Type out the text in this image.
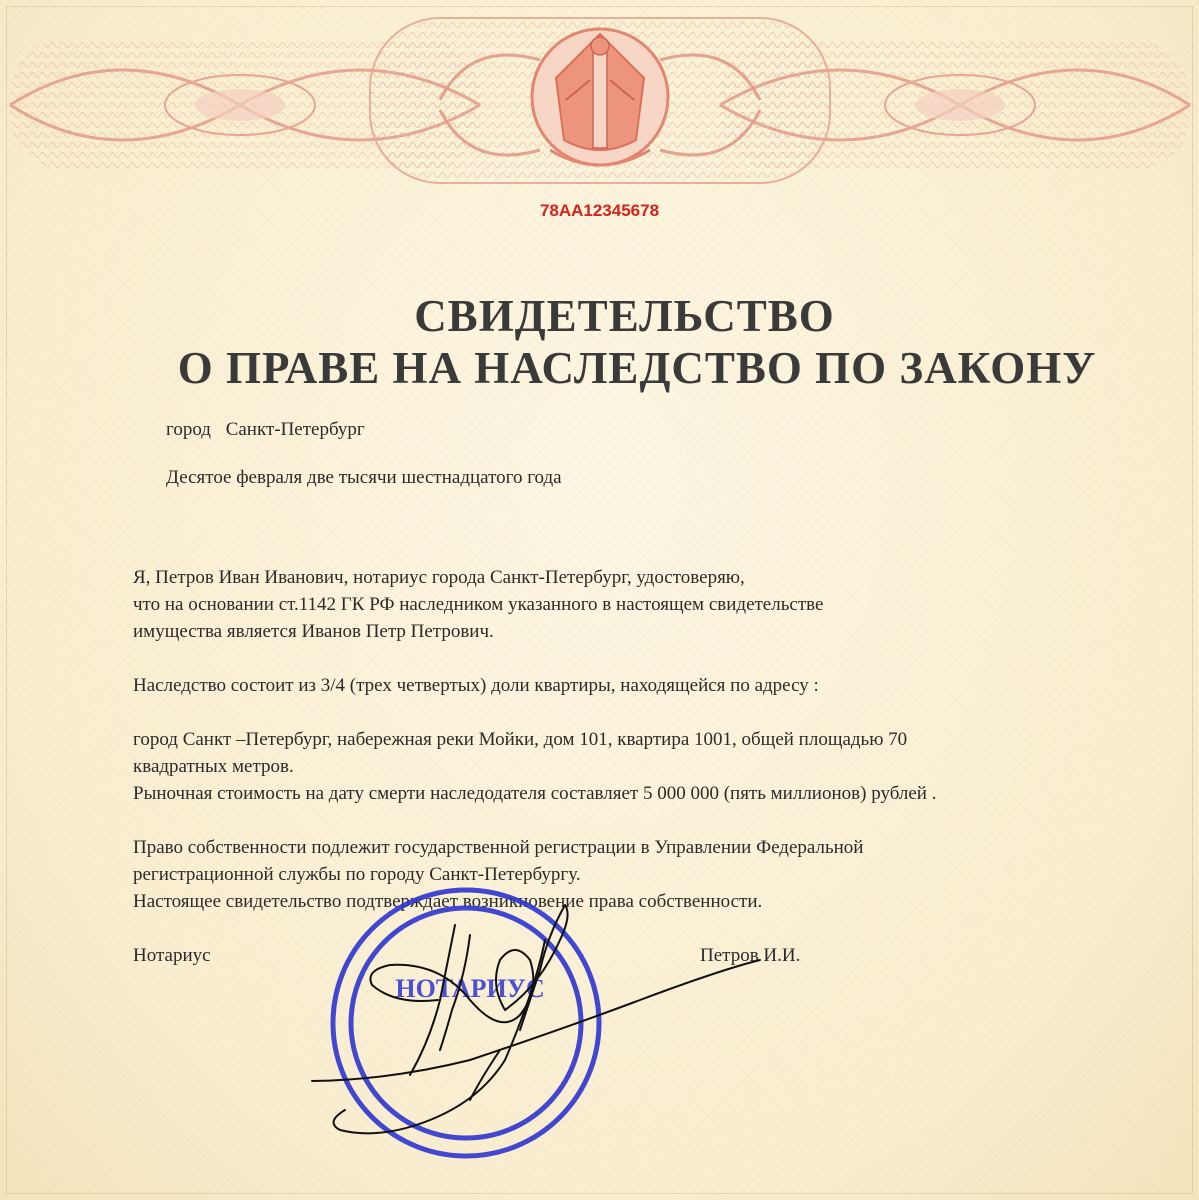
78АА12345678
СВИДЕТЕЛЬСТВО
О ПРАВЕ НА НАСЛЕДСТВО ПО ЗАКОНУ
город Санкт-Петербург
Десятое февраля две тысячи шестнадцатого года
Я, Петров Иван Иванович, нотариус города Санкт-Петербург, удостоверяю,
что на основании ст.1142 ГК РФ наследником указанного в настоящем свидетельстве
имущества является Иванов Петр Петрович.
Наследство состоит из 3/4 (трех четвертых) доли квартиры, находящейся по адресу :
город Санкт –Петербург, набережная реки Мойки, дом 101, квартира 1001, общей площадью 70
квадратных метров.
Рыночная стоимость на дату смерти наследодателя составляет 5 000 000 (пять миллионов) рублей .
Право собственности подлежит государственной регистрации в Управлении Федеральной
регистрационной службы по городу Санкт-Петербургу.
Настоящее свидетельство подтверждает возникновение права собственности.
Нотариус	Петров И.И.
НОТАРИУС
